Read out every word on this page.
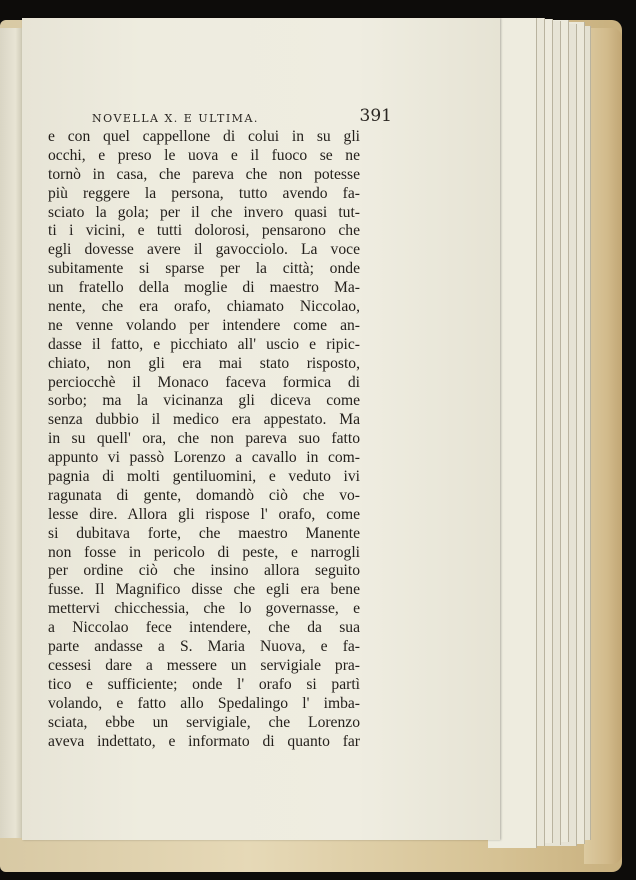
NOVELLA X. E ULTIMA.	391
e con quel cappellone di colui in su gli
occhi, e preso le uova e il fuoco se ne
tornò in casa, che pareva che non potesse
più reggere la persona, tutto avendo fa-
sciato la gola; per il che invero quasi tut-
ti i vicini, e tutti dolorosi, pensarono che
egli dovesse avere il gavocciolo. La voce
subitamente si sparse per la città; onde
un fratello della moglie di maestro Ma-
nente, che era orafo, chiamato Niccolao,
ne venne volando per intendere come an-
dasse il fatto, e picchiato all' uscio e ripic-
chiato, non gli era mai stato risposto,
perciocchè il Monaco faceva formica di
sorbo; ma la vicinanza gli diceva come
senza dubbio il medico era appestato. Ma
in su quell' ora, che non pareva suo fatto
appunto vi passò Lorenzo a cavallo in com-
pagnia di molti gentiluomini, e veduto ivi
ragunata di gente, domandò ciò che vo-
lesse dire. Allora gli rispose l' orafo, come
si dubitava forte, che maestro Manente
non fosse in pericolo di peste, e narrogli
per ordine ciò che insino allora seguito
fusse. Il Magnifico disse che egli era bene
mettervi chicchessia, che lo governasse, e
a Niccolao fece intendere, che da sua
parte andasse a S. Maria Nuova, e fa-
cessesi dare a messere un servigiale pra-
tico e sufficiente; onde l' orafo si partì
volando, e fatto allo Spedalingo l' imba-
sciata, ebbe un servigiale, che Lorenzo
aveva indettato, e informato di quanto far
